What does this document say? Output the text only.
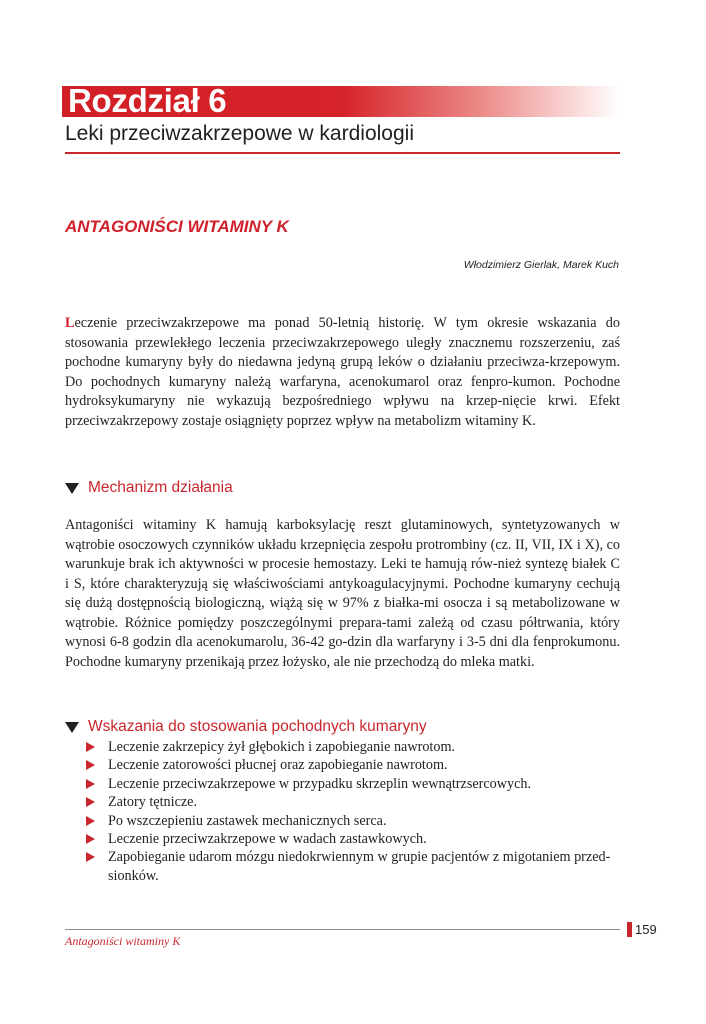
Rozdział 6
Leki przeciwzakrzepowe w kardiologii
ANTAGONIŚCI WITAMINY K
Włodzimierz Gierlak, Marek Kuch

Leczenie przeciwzakrzepowe ma ponad 50-letnią historię. W tym okresie wskazania do stosowania przewlekłego leczenia przeciwzakrzepowego uległy znacznemu rozszerzeniu, zaś pochodne kumaryny były do niedawna jedyną grupą leków o działaniu przeciwza-krzepowym. Do pochodnych kumaryny należą warfaryna, acenokumarol oraz fenpro-kumon. Pochodne hydroksykumaryny nie wykazują bezpośredniego wpływu na krzep-nięcie krwi. Efekt przeciwzakrzepowy zostaje osiągnięty poprzez wpływ na metabolizm witaminy K.

Mechanizm działania

Antagoniści witaminy K hamują karboksylację reszt glutaminowych, syntetyzowanych w wątrobie osoczowych czynników układu krzepnięcia zespołu protrombiny (cz. II, VII, IX i X), co warunkuje brak ich aktywności w procesie hemostazy. Leki te hamują rów-nież syntezę białek C i S, które charakteryzują się właściwościami antykoagulacyjnymi. Pochodne kumaryny cechują się dużą dostępnością biologiczną, wiążą się w 97% z białka-mi osocza i są metabolizowane w wątrobie. Różnice pomiędzy poszczególnymi prepara-tami zależą od czasu półtrwania, który wynosi 6-8 godzin dla acenokumarolu, 36-42 go-dzin dla warfaryny i 3-5 dni dla fenprokumonu. Pochodne kumaryny przenikają przez łożysko, ale nie przechodzą do mleka matki.

Wskazania do stosowania pochodnych kumaryny
Leczenie zakrzepicy żył głębokich i zapobieganie nawrotom.
Leczenie zatorowości płucnej oraz zapobieganie nawrotom.
Leczenie przeciwzakrzepowe w przypadku skrzeplin wewnątrzsercowych.
Zatory tętnicze.
Po wszczepieniu zastawek mechanicznych serca.
Leczenie przeciwzakrzepowe w wadach zastawkowych.
Zapobieganie udarom mózgu niedokrwiennym w grupie pacjentów z migotaniem przed-sionków.
159
Antagoniści witaminy K
